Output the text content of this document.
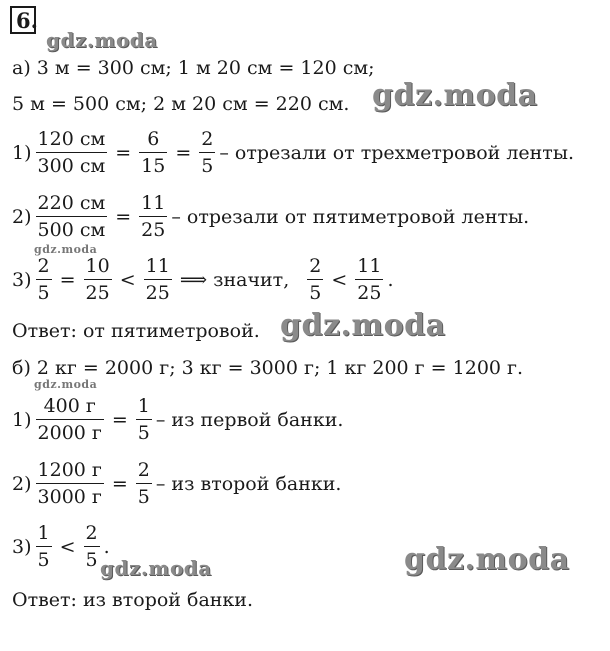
6.
gdz.moda
gdz.moda
gdz.moda
gdz.moda
gdz.moda
gdz.moda
gdz.moda
а) 3 м = 300 см; 1 м 20 см = 120 см;
5 м = 500 см; 2 м 20 см = 220 см.
$1) \frac{120 см}{300 см} = \frac{6}{15} = \frac{2}{5}$ – отрезали от трехметровой ленты.
$2) \frac{220 см}{500 см} = \frac{11}{25}$ – отрезали от пятиметровой ленты.
$3) \frac{2}{5} = \frac{10}{25} < \frac{11}{25}$ ⟹ значит, $\frac{2}{5} < \frac{11}{25}$ .
Ответ: от пятиметровой.
б) 2 кг = 2000 г; 3 кг = 3000 г; 1 кг 200 г = 1200 г.
$1) \frac{400 г}{2000 г} = \frac{1}{5}$ – из первой банки.
$2) \frac{1200 г}{3000 г} = \frac{2}{5}$ – из второй банки.
$3) \frac{1}{5} < \frac{2}{5}$ .
Ответ: из второй банки.
